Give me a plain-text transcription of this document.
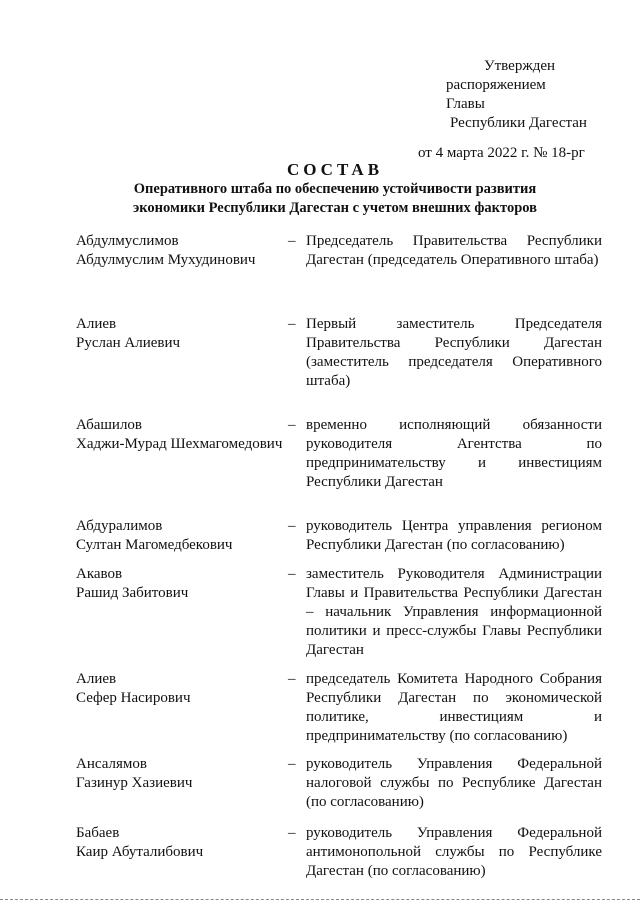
Утвержден
распоряжением Главы
Республики Дагестан
от 4 марта 2022 г. № 18-рг
СОСТАВ
Оперативного штаба по обеспечению устойчивости развития
экономики Республики Дагестан с учетом внешних факторов
Абдулмуслимов
Абдулмуслим Мухудинович
– Председатель Правительства Республики Дагестан (председатель Оперативного штаба)
Алиев
Руслан Алиевич
– Первый заместитель Председателя Правительства Республики Дагестан (заместитель председателя Оперативного штаба)
Абашилов
Хаджи-Мурад Шехмагомедович
– временно исполняющий обязанности руководителя Агентства по предпринимательству и инвестициям Республики Дагестан
Абдуралимов
Султан Магомедбекович
– руководитель Центра управления регионом Республики Дагестан (по согласованию)
Акавов
Рашид Забитович
– заместитель Руководителя Администрации Главы и Правительства Республики Дагестан – начальник Управления информационной политики и пресс-службы Главы Республики Дагестан
Алиев
Сефер Насирович
– председатель Комитета Народного Собрания Республики Дагестан по экономической политике, инвестициям и предпринимательству (по согласованию)
Ансалямов
Газинур Хазиевич
– руководитель Управления Федеральной налоговой службы по Республике Дагестан (по согласованию)
Бабаев
Каир Абуталибович
– руководитель Управления Федеральной антимонопольной службы по Республике Дагестан (по согласованию)
